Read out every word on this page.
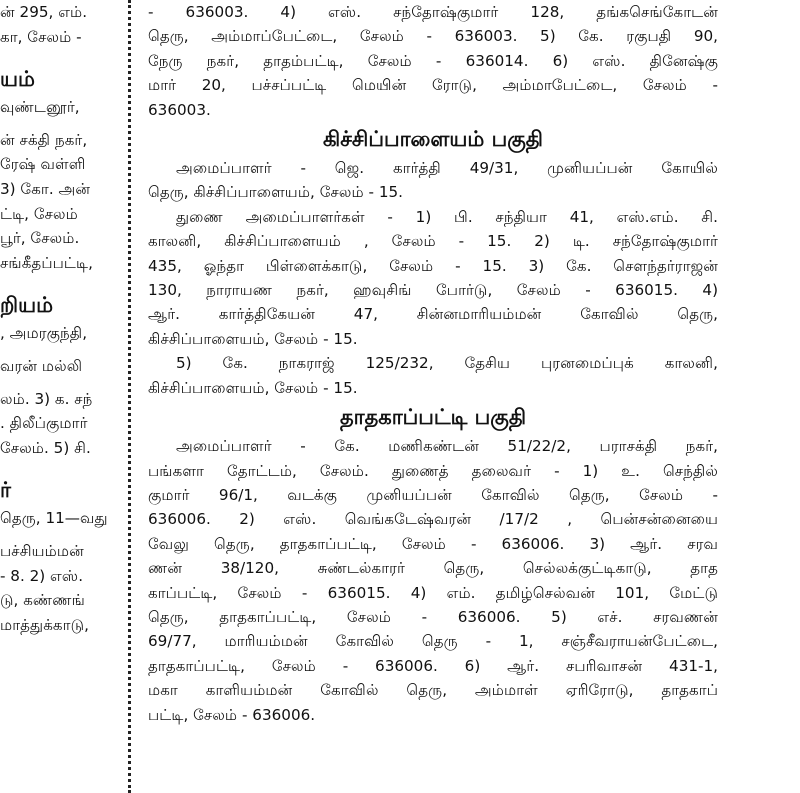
ன் 295, எம்.
கா, சேலம் -
யம்
வுண்டனூர்,
ன் சக்தி நகர்,
ரேஷ் வள்ளி
3) கோ. அன்
ட்டி, சேலம்
பூர், சேலம்.
சங்கீதப்பட்டி,
றியம்
, அமரகுந்தி,
வரன் மல்லி
லம். 3) க. சந்
. திலீப்குமார்
சேலம். 5) சி.
ர்
தெரு, 11—வது
பச்சியம்மன்
- 8. 2) எஸ்.
டு, கண்ணங்
மாத்துக்காடு,
- 636003. 4) எஸ். சந்தோஷ்குமார் 128, தங்கசெங்கோடன்
தெரு, அம்மாப்பேட்டை, சேலம் - 636003. 5) கே. ரகுபதி 90,
நேரு நகர், தாதம்பட்டி, சேலம் - 636014. 6) எஸ். தினேஷ்கு
மார் 20, பச்சப்பட்டி மெயின் ரோடு, அம்மாபேட்டை, சேலம் -
636003.
கிச்சிப்பாளையம் பகுதி
அமைப்பாளர் - ஜெ. கார்த்தி 49/31, முனியப்பன் கோயில்
தெரு, கிச்சிப்பாளையம், சேலம் - 15.
துணை அமைப்பாளர்கள் - 1) பி. சந்தியா 41, எஸ்.எம். சி.
காலனி, கிச்சிப்பாளையம் , சேலம் - 15. 2) டி. சந்தோஷ்குமார்
435, ஓந்தா பிள்ளைக்காடு, சேலம் - 15. 3) கே. சௌந்தர்ராஜன்
130, நாராயண நகர், ஹவுசிங் போர்டு, சேலம் - 636015. 4)
ஆர். கார்த்திகேயன் 47, சின்னமாரியம்மன் கோவில் தெரு,
கிச்சிப்பாளையம், சேலம் - 15.
5) கே. நாகராஜ் 125/232, தேசிய புரனமைப்புக் காலனி,
கிச்சிப்பாளையம், சேலம் - 15.
தாதகாப்பட்டி பகுதி
அமைப்பாளர் - கே. மணிகண்டன் 51/22/2, பராசக்தி நகர்,
பங்களா தோட்டம், சேலம். துணைத் தலைவர் - 1) உ. செந்தில்
குமார் 96/1, வடக்கு முனியப்பன் கோவில் தெரு, சேலம் -
636006. 2) எஸ். வெங்கடேஷ்வரன் /17/2 , பென்சன்னையை
வேலு தெரு, தாதகாப்பட்டி, சேலம் - 636006. 3) ஆர். சரவ
ணன் 38/120, சுண்டல்காரர் தெரு, செல்லக்குட்டிகாடு, தாத
காப்பட்டி, சேலம் - 636015. 4) எம். தமிழ்செல்வன் 101, மேட்டு
தெரு, தாதகாப்பட்டி, சேலம் - 636006. 5) எச். சரவணன்
69/77, மாரியம்மன் கோவில் தெரு - 1, சஞ்சீவராயன்பேட்டை,
தாதகாப்பட்டி, சேலம் - 636006. 6) ஆர். சபரிவாசன் 431-1,
மகா காளியம்மன் கோவில் தெரு, அம்மாள் ஏரிரோடு, தாதகாப்
பட்டி, சேலம் - 636006.
